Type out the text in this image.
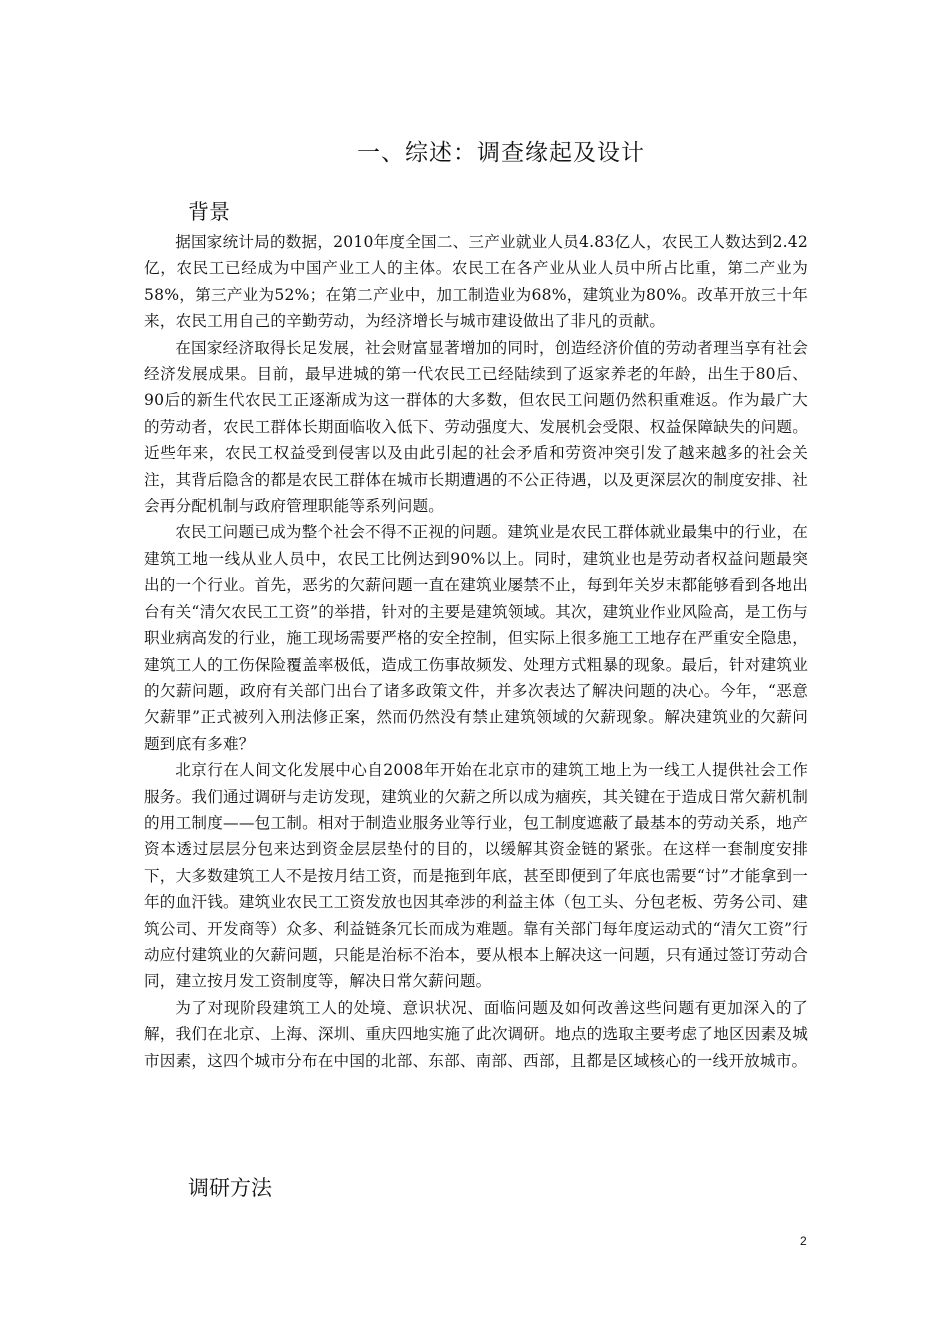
一、综述：调查缘起及设计
背景

据国家统计局的数据，2010年度全国二、三产业就业人员4.83亿人，农民工人数达到2.42亿，农民工已经成为中国产业工人的主体。农民工在各产业从业人员中所占比重，第二产业为58%，第三产业为52%；在第二产业中，加工制造业为68%，建筑业为80%。改革开放三十年来，农民工用自己的辛勤劳动，为经济增长与城市建设做出了非凡的贡献。

在国家经济取得长足发展，社会财富显著增加的同时，创造经济价值的劳动者理当享有社会经济发展成果。目前，最早进城的第一代农民工已经陆续到了返家养老的年龄，出生于80后、90后的新生代农民工正逐渐成为这一群体的大多数，但农民工问题仍然积重难返。作为最广大的劳动者，农民工群体长期面临收入低下、劳动强度大、发展机会受限、权益保障缺失的问题。近些年来，农民工权益受到侵害以及由此引起的社会矛盾和劳资冲突引发了越来越多的社会关注，其背后隐含的都是农民工群体在城市长期遭遇的不公正待遇，以及更深层次的制度安排、社会再分配机制与政府管理职能等系列问题。

农民工问题已成为整个社会不得不正视的问题。建筑业是农民工群体就业最集中的行业，在建筑工地一线从业人员中，农民工比例达到90%以上。同时，建筑业也是劳动者权益问题最突出的一个行业。首先，恶劣的欠薪问题一直在建筑业屡禁不止，每到年关岁末都能够看到各地出台有关“清欠农民工工资”的举措，针对的主要是建筑领域。其次，建筑业作业风险高，是工伤与职业病高发的行业，施工现场需要严格的安全控制，但实际上很多施工工地存在严重安全隐患，建筑工人的工伤保险覆盖率极低，造成工伤事故频发、处理方式粗暴的现象。最后，针对建筑业的欠薪问题，政府有关部门出台了诸多政策文件，并多次表达了解决问题的决心。今年，“恶意欠薪罪”正式被列入刑法修正案，然而仍然没有禁止建筑领域的欠薪现象。解决建筑业的欠薪问题到底有多难？

北京行在人间文化发展中心自2008年开始在北京市的建筑工地上为一线工人提供社会工作服务。我们通过调研与走访发现，建筑业的欠薪之所以成为痼疾，其关键在于造成日常欠薪机制的用工制度——包工制。相对于制造业服务业等行业，包工制度遮蔽了最基本的劳动关系，地产资本透过层层分包来达到资金层层垫付的目的，以缓解其资金链的紧张。在这样一套制度安排下，大多数建筑工人不是按月结工资，而是拖到年底，甚至即便到了年底也需要“讨”才能拿到一年的血汗钱。建筑业农民工工资发放也因其牵涉的利益主体（包工头、分包老板、劳务公司、建筑公司、开发商等）众多、利益链条冗长而成为难题。靠有关部门每年度运动式的“清欠工资”行动应付建筑业的欠薪问题，只能是治标不治本，要从根本上解决这一问题，只有通过签订劳动合同，建立按月发工资制度等，解决日常欠薪问题。

为了对现阶段建筑工人的处境、意识状况、面临问题及如何改善这些问题有更加深入的了解，我们在北京、上海、深圳、重庆四地实施了此次调研。地点的选取主要考虑了地区因素及城市因素，这四个城市分布在中国的北部、东部、南部、西部，且都是区域核心的一线开放城市。

调研方法
2
